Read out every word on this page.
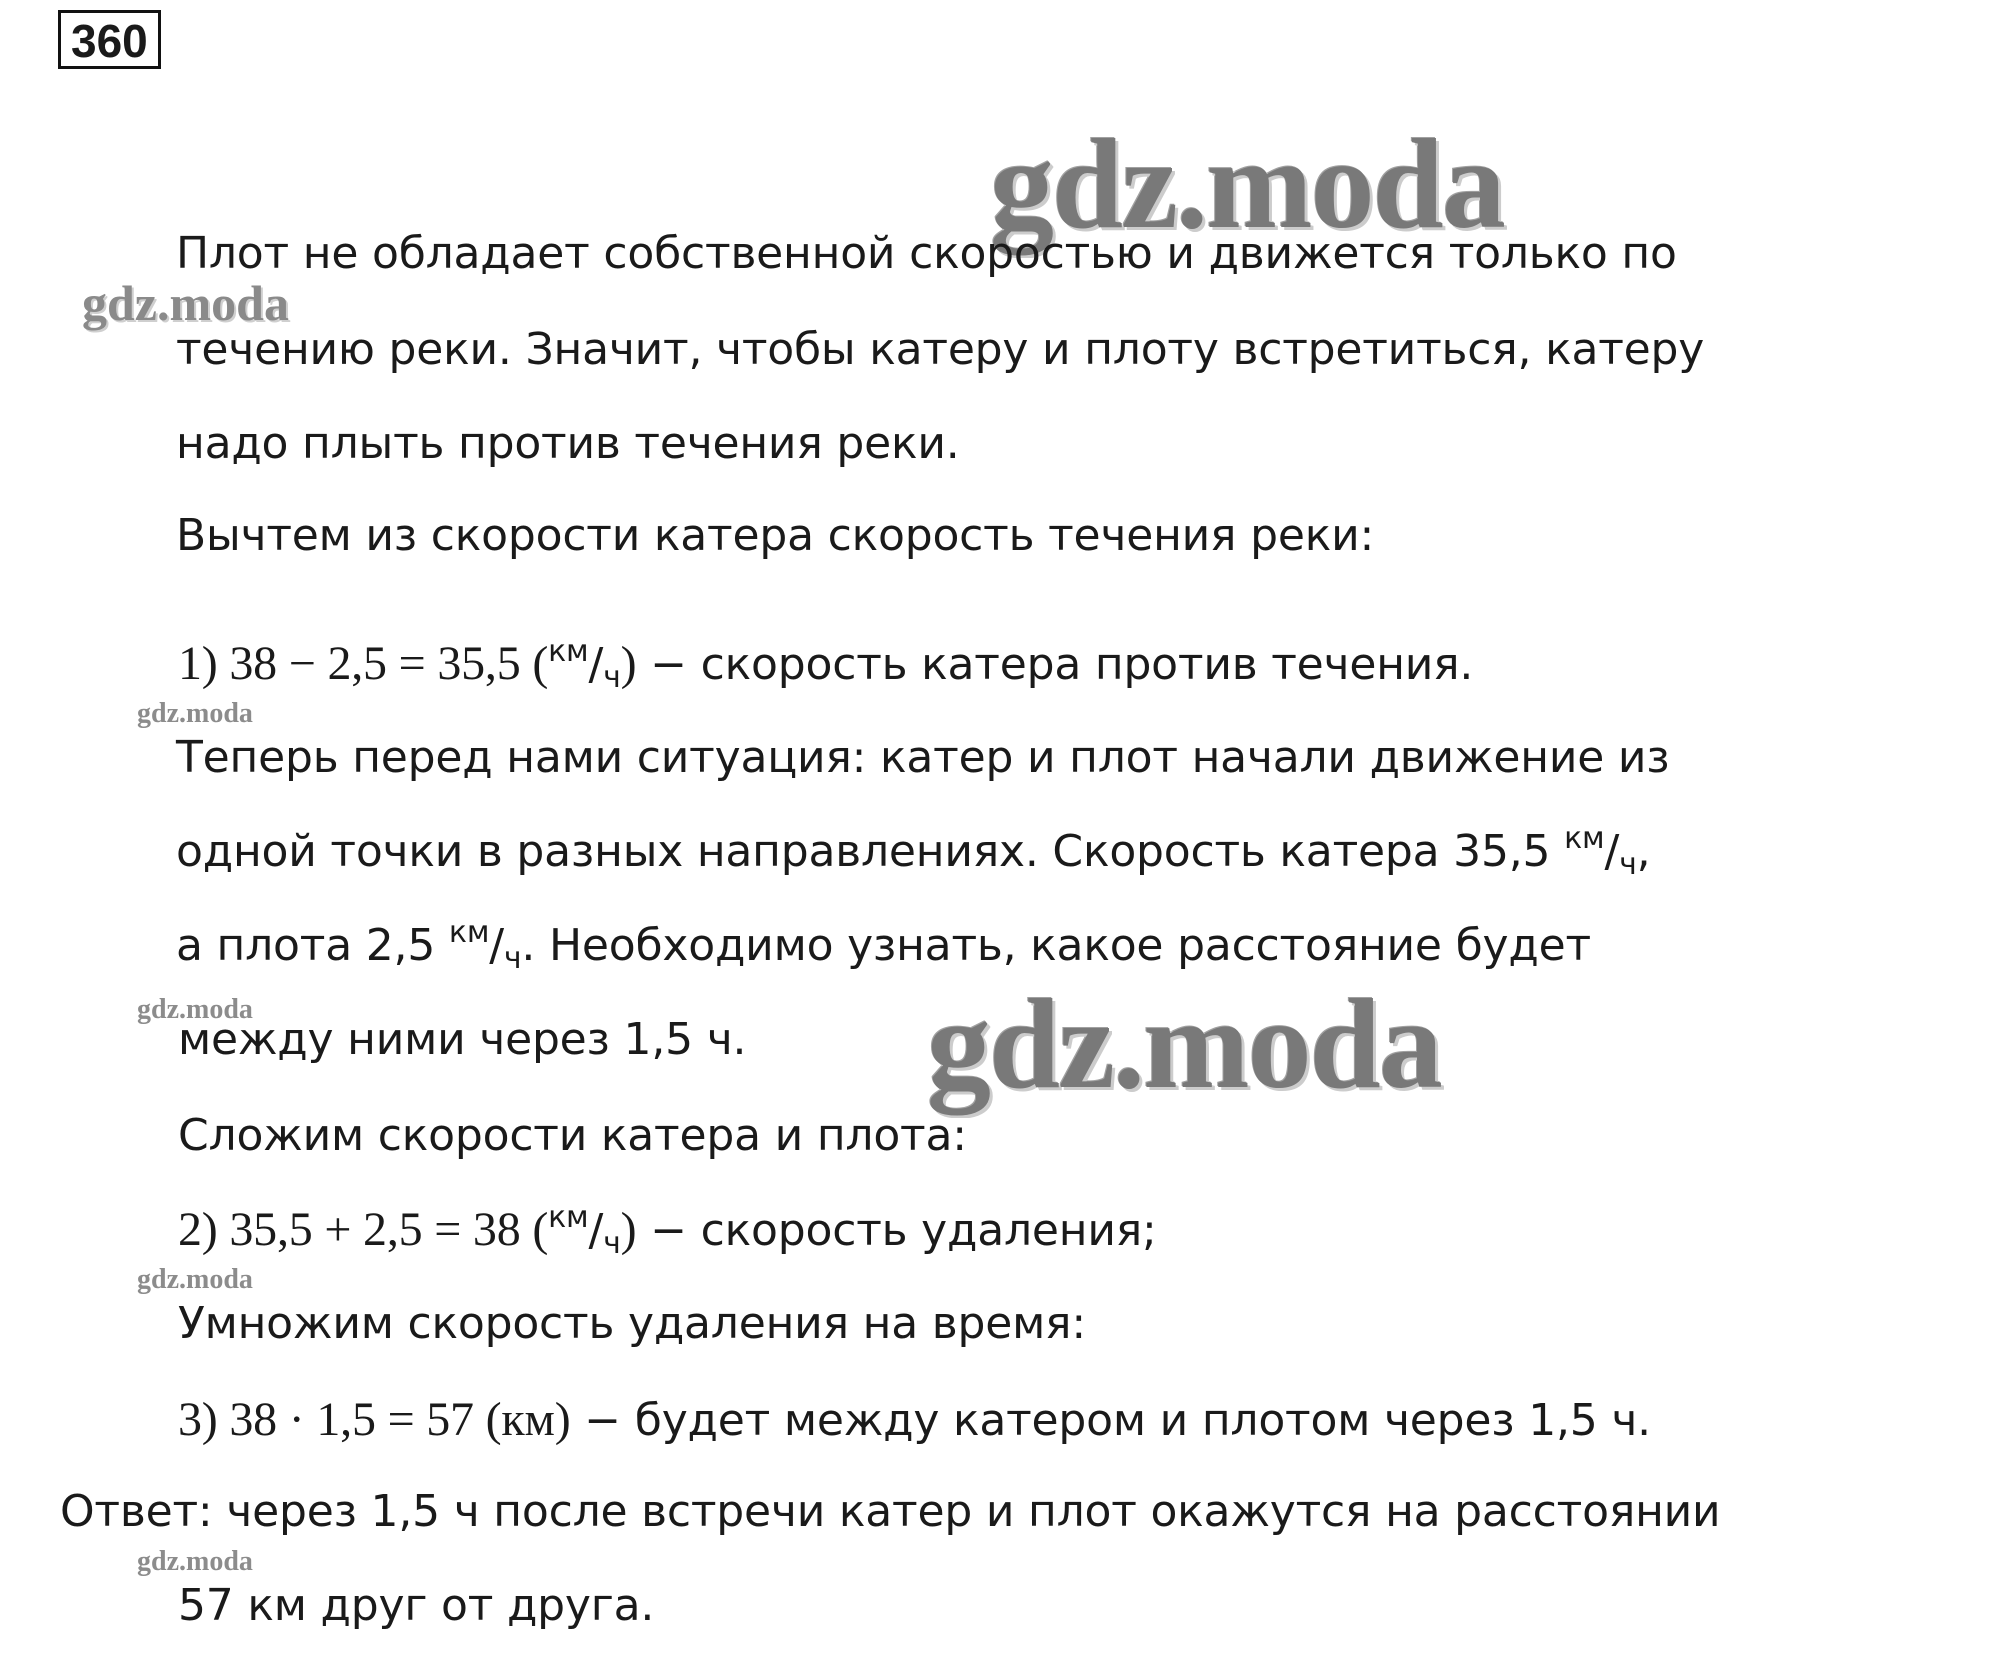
360
gdz.moda
gdz.moda
gdz.moda
gdz.moda
gdz.moda
gdz.moda
gdz.moda
Плот не обладает собственной скоростью и движется только по
течению реки. Значит, чтобы катеру и плоту встретиться, катеру
надо плыть против течения реки.
Вычтем из скорости катера скорость течения реки:
1) 38 − 2,5 = 35,5 $(^{км}/_ч)$ − скорость катера против течения.
Теперь перед нами ситуация: катер и плот начали движение из
одной точки в разных направлениях. Скорость катера 35,5 $^{км}/_ч$,
а плота 2,5 $^{км}/_ч$. Необходимо узнать, какое расстояние будет
между ними через 1,5 ч.
Сложим скорости катера и плота:
2) 35,5 + 2,5 = 38 $(^{км}/_ч)$ − скорость удаления;
Умножим скорость удаления на время:
3) 38 · 1,5 = 57 (км) − будет между катером и плотом через 1,5 ч.
Ответ: через 1,5 ч после встречи катер и плот окажутся на расстоянии
57 км друг от друга.
